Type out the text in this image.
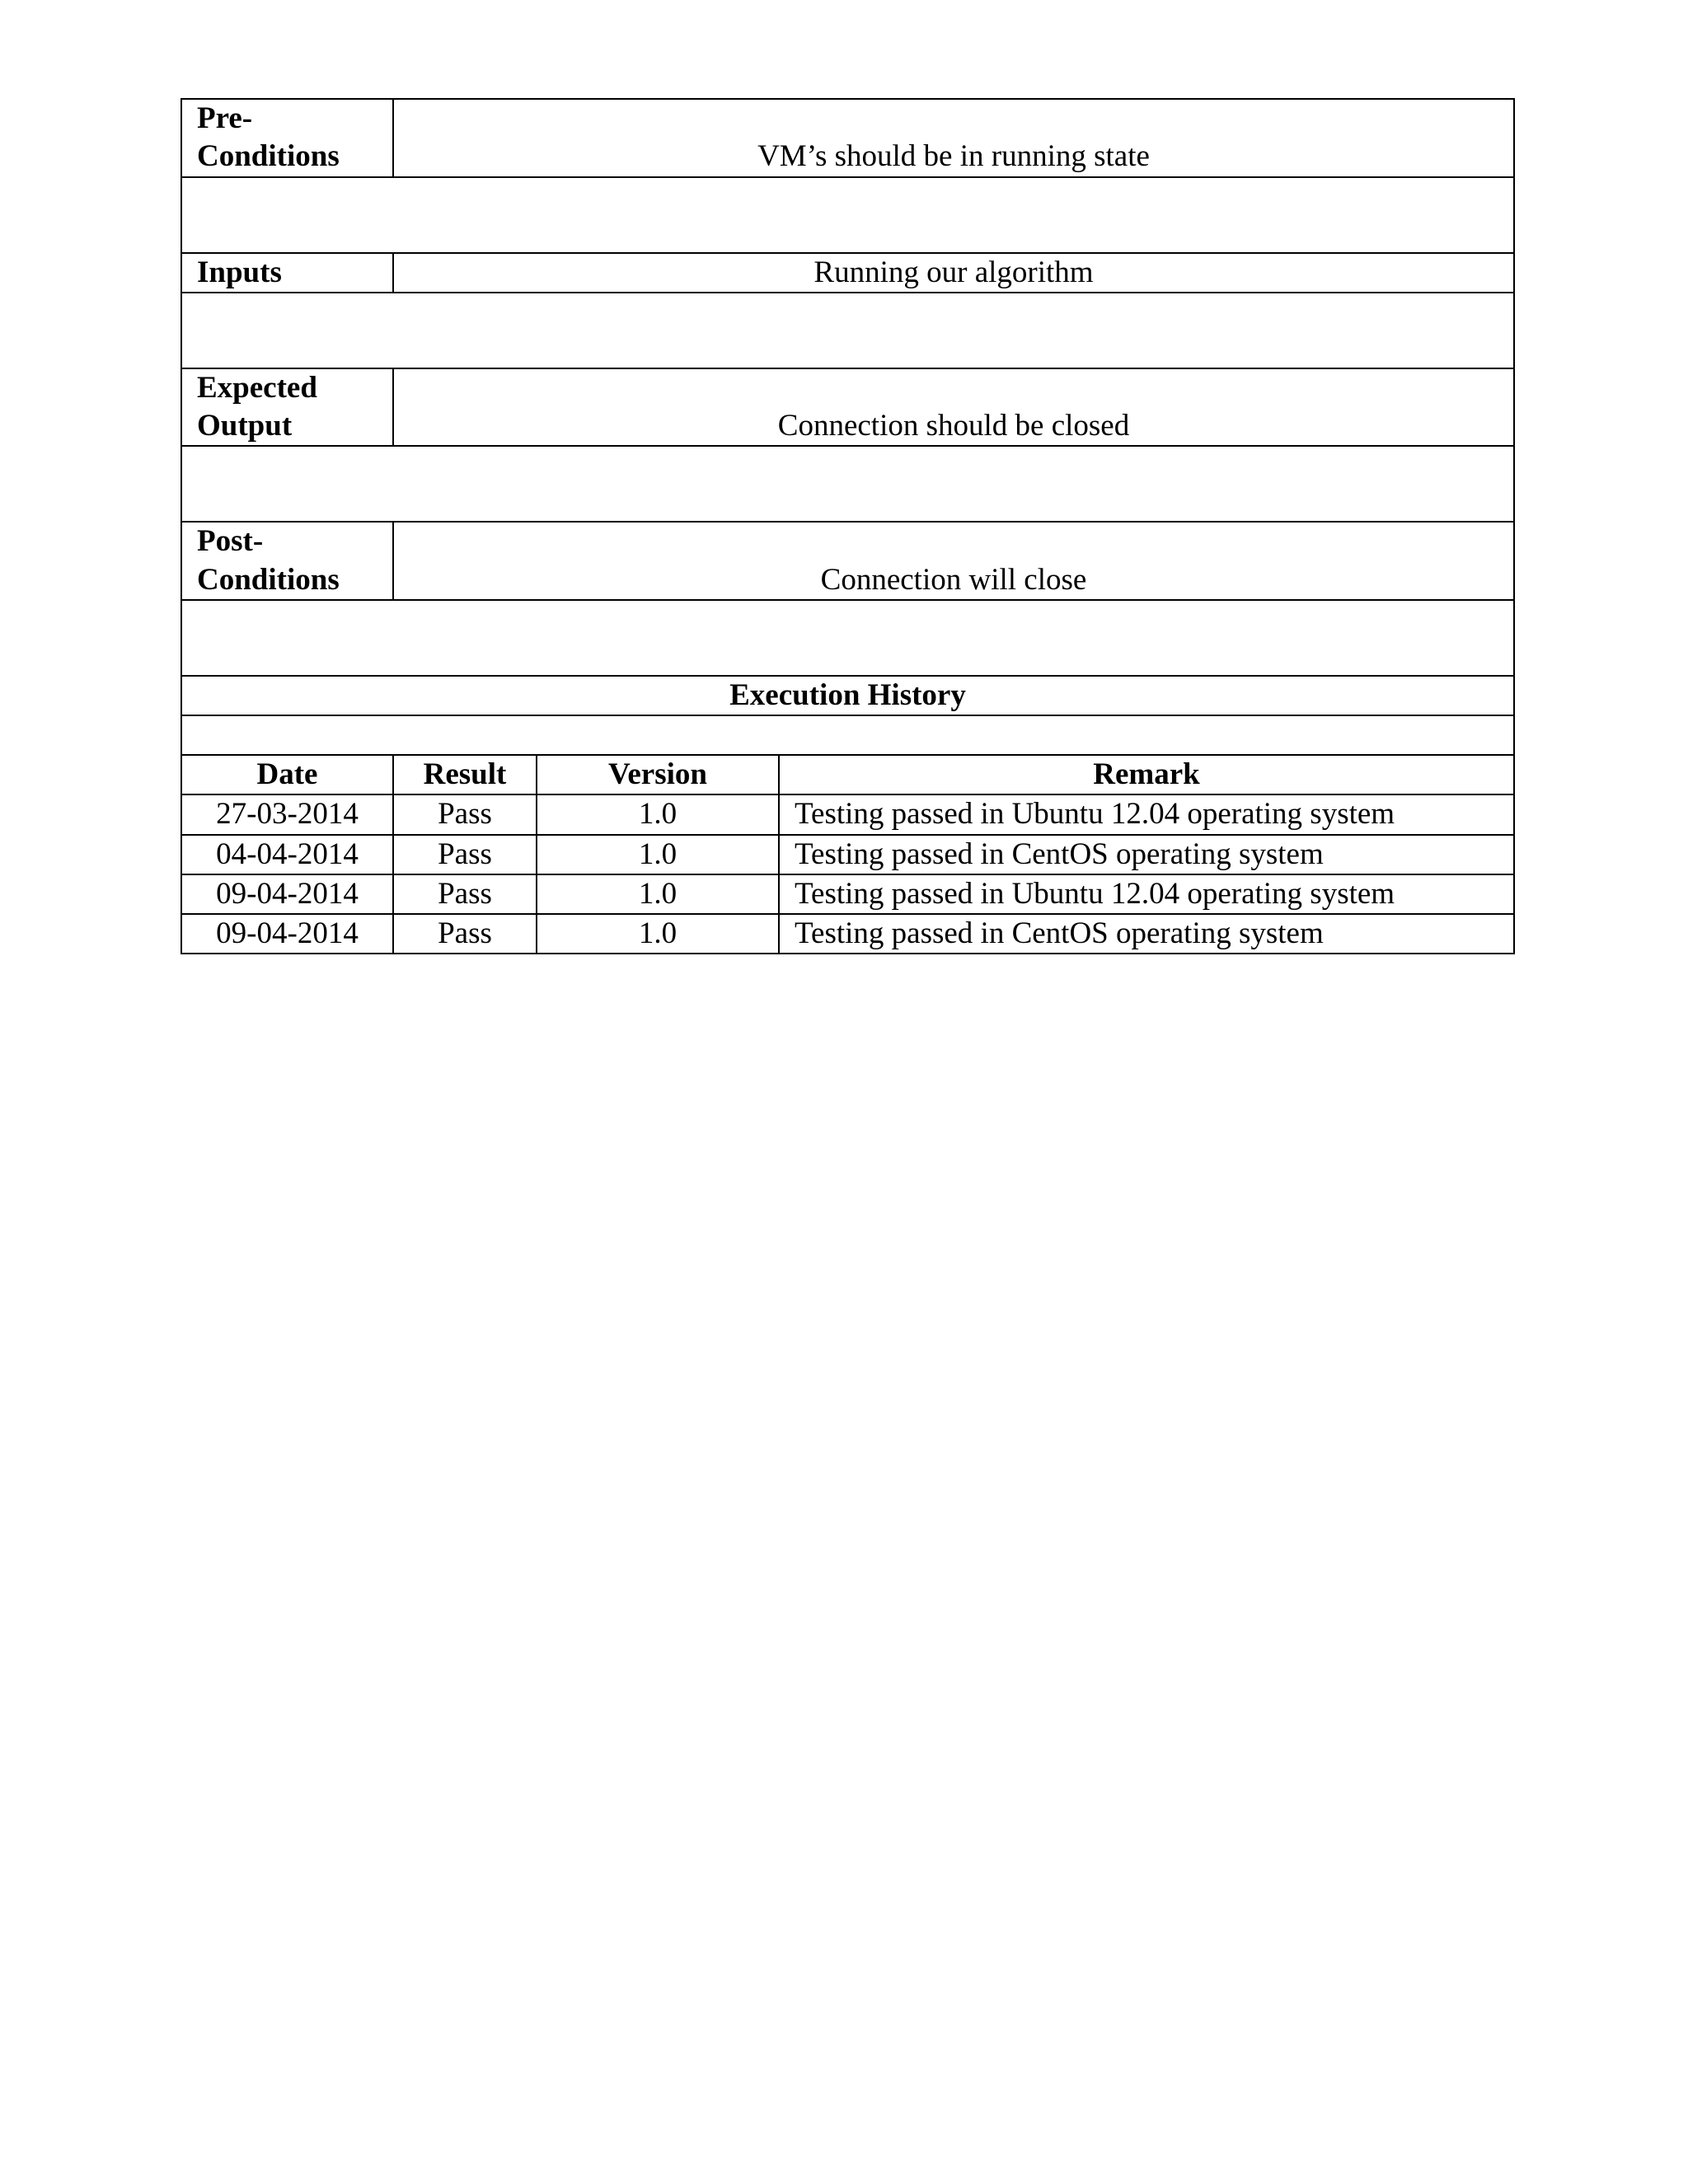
Pre-
Conditions	VM’s should be in running state		

Inputs	Running our algorithm		

Expected
Output	Connection should be closed		

Post-
Conditions	Connection will close		

Execution History			

Date	Result	Version	Remark
27-03-2014	Pass	1.0	Testing passed in Ubuntu 12.04 operating system
04-04-2014	Pass	1.0	Testing passed in CentOS operating system
09-04-2014	Pass	1.0	Testing passed in Ubuntu 12.04 operating system
09-04-2014	Pass	1.0	Testing passed in CentOS operating system
